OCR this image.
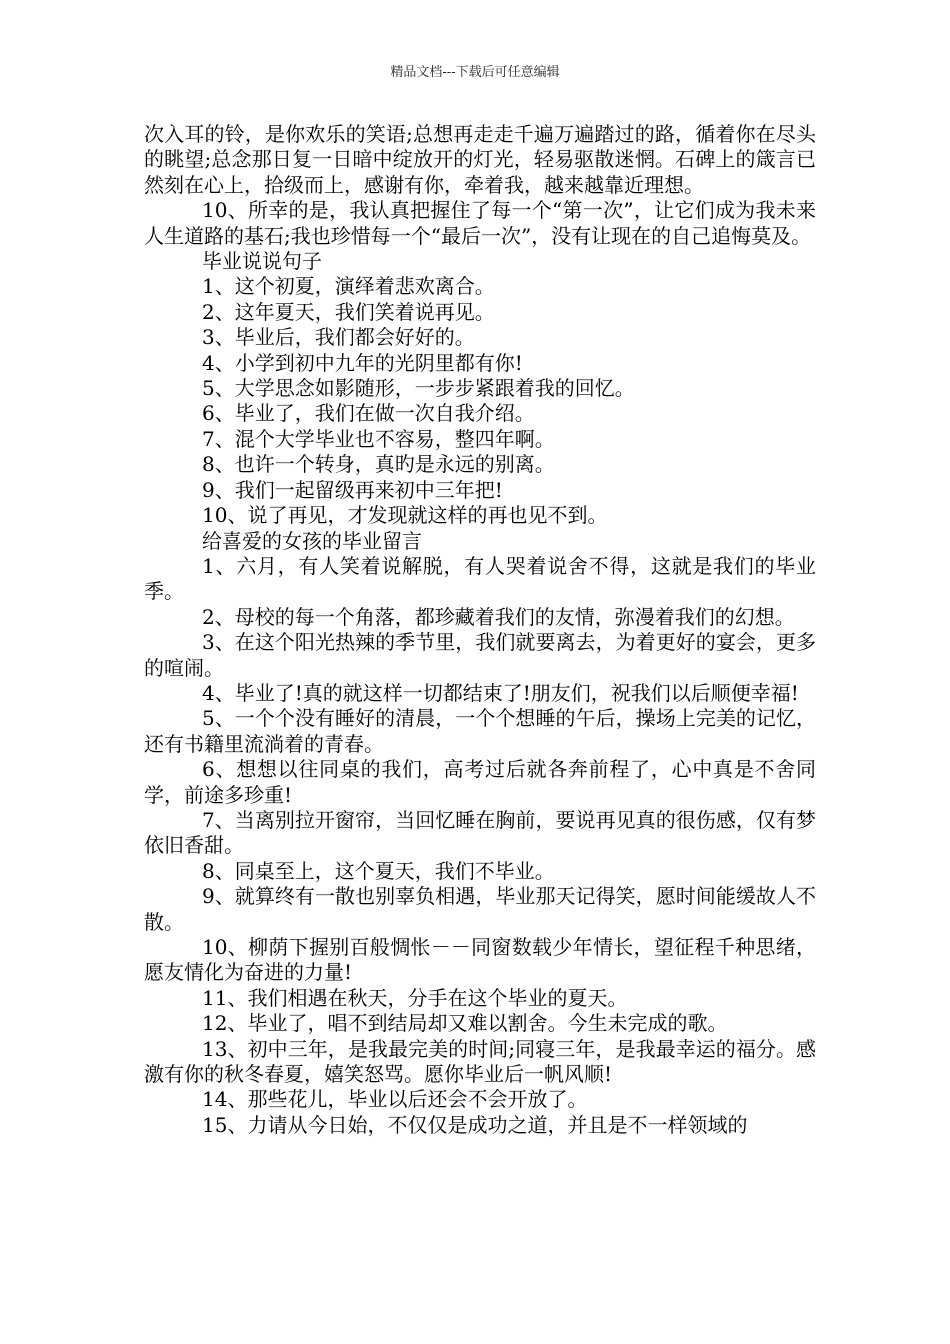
精品文档---下载后可任意编辑

次入耳的铃，是你欢乐的笑语;总想再走走千遍万遍踏过的路，循着你在尽头的眺望;总念那日复一日暗中绽放开的灯光，轻易驱散迷惘。石碑上的箴言已然刻在心上，拾级而上，感谢有你，牵着我，越来越靠近理想。

10、所幸的是，我认真把握住了每一个“第一次”，让它们成为我未来人生道路的基石;我也珍惜每一个“最后一次”，没有让现在的自己追悔莫及。

毕业说说句子

1、这个初夏，演绎着悲欢离合。

2、这年夏天，我们笑着说再见。

3、毕业后，我们都会好好的。

4、小学到初中九年的光阴里都有你!

5、大学思念如影随形，一步步紧跟着我的回忆。

6、毕业了，我们在做一次自我介绍。

7、混个大学毕业也不容易，整四年啊。

8、也许一个转身，真旳是永远的别离。

9、我们一起留级再来初中三年把!

10、说了再见，才发现就这样的再也见不到。

给喜爱的女孩的毕业留言

1、六月，有人笑着说解脱，有人哭着说舍不得，这就是我们的毕业季。

2、母校的每一个角落，都珍藏着我们的友情，弥漫着我们的幻想。

3、在这个阳光热辣的季节里，我们就要离去，为着更好的宴会，更多的喧闹。

4、毕业了!真的就这样一切都结束了!朋友们，祝我们以后顺便幸福!

5、一个个没有睡好的清晨，一个个想睡的午后，操场上完美的记忆，还有书籍里流淌着的青春。

6、想想以往同桌的我们，高考过后就各奔前程了，心中真是不舍同学，前途多珍重!

7、当离别拉开窗帘，当回忆睡在胸前，要说再见真的很伤感，仅有梦依旧香甜。

8、同桌至上，这个夏天，我们不毕业。

9、就算终有一散也别辜负相遇，毕业那天记得笑，愿时间能缓故人不散。

10、柳荫下握别百般惆怅－－同窗数载少年情长，望征程千种思绪，愿友情化为奋进的力量!

11、我们相遇在秋天，分手在这个毕业的夏天。

12、毕业了，唱不到结局却又难以割舍。今生未完成的歌。

13、初中三年，是我最完美的时间;同寝三年，是我最幸运的福分。感激有你的秋冬春夏，嬉笑怒骂。愿你毕业后一帆风顺!

14、那些花儿，毕业以后还会不会开放了。

15、力请从今日始，不仅仅是成功之道，并且是不一样领域的
